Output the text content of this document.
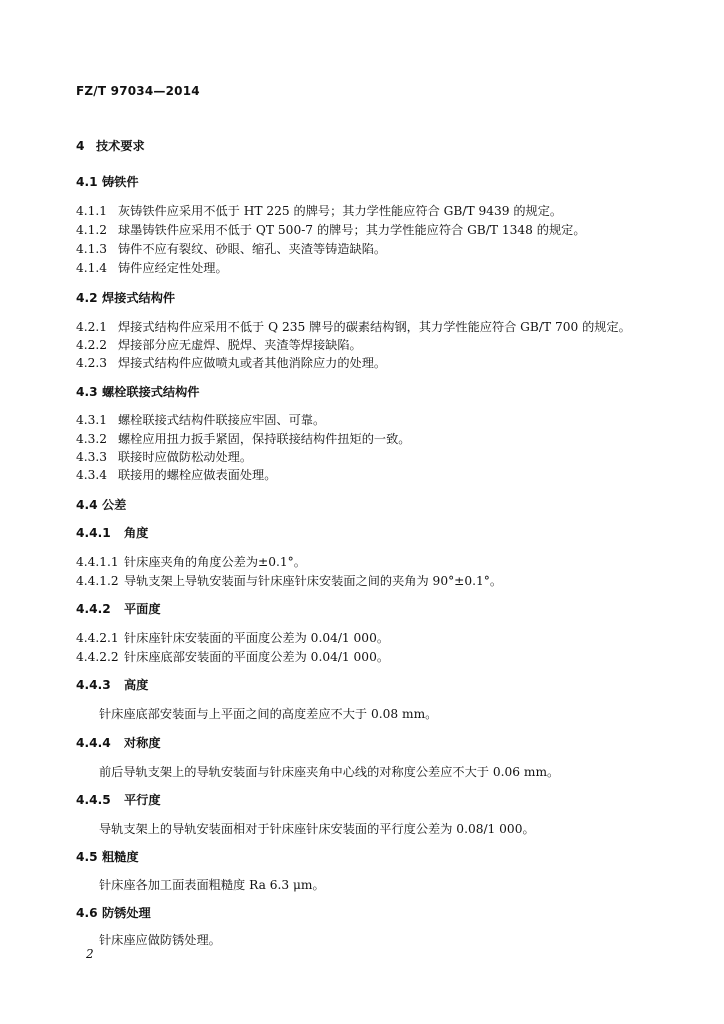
FZ/T 97034—2014
4 技术要求
4.1 铸铁件
4.1.1 灰铸铁件应采用不低于 HT 225 的牌号；其力学性能应符合 GB/T 9439 的规定。
4.1.2 球墨铸铁件应采用不低于 QT 500-7 的牌号；其力学性能应符合 GB/T 1348 的规定。
4.1.3 铸件不应有裂纹、砂眼、缩孔、夹渣等铸造缺陷。
4.1.4 铸件应经定性处理。
4.2 焊接式结构件
4.2.1 焊接式结构件应采用不低于 Q 235 牌号的碳素结构钢，其力学性能应符合 GB/T 700 的规定。
4.2.2 焊接部分应无虚焊、脱焊、夹渣等焊接缺陷。
4.2.3 焊接式结构件应做喷丸或者其他消除应力的处理。
4.3 螺栓联接式结构件
4.3.1 螺栓联接式结构件联接应牢固、可靠。
4.3.2 螺栓应用扭力扳手紧固，保持联接结构件扭矩的一致。
4.3.3 联接时应做防松动处理。
4.3.4 联接用的螺栓应做表面处理。
4.4 公差
4.4.1 角度
4.4.1.1 针床座夹角的角度公差为±0.1°。
4.4.1.2 导轨支架上导轨安装面与针床座针床安装面之间的夹角为 90°±0.1°。
4.4.2 平面度
4.4.2.1 针床座针床安装面的平面度公差为 0.04/1 000。
4.4.2.2 针床座底部安装面的平面度公差为 0.04/1 000。
4.4.3 高度
针床座底部安装面与上平面之间的高度差应不大于 0.08 mm。
4.4.4 对称度
前后导轨支架上的导轨安装面与针床座夹角中心线的对称度公差应不大于 0.06 mm。
4.4.5 平行度
导轨支架上的导轨安装面相对于针床座针床安装面的平行度公差为 0.08/1 000。
4.5 粗糙度
针床座各加工面表面粗糙度 Ra 6.3 μm。
4.6 防锈处理
针床座应做防锈处理。
2
